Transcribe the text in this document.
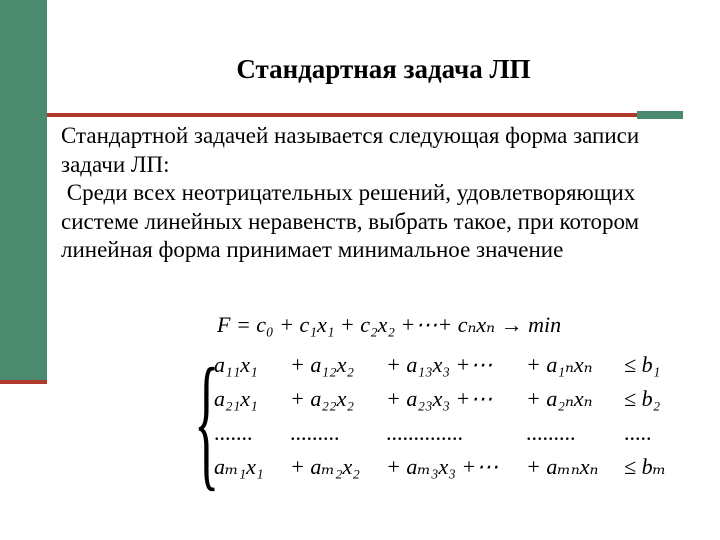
Стандартная задача ЛП

Стандартной задачей называется следующая форма записи задачи ЛП:

Среди всех неотрицательных решений, удовлетворяющих системе линейных неравенств, выбрать такое, при котором линейная форма принимает минимальное значение

F = c₀ + c₁x₁ + c₂x₂ +⋯+ cₙxₙ → min
{
a₁₁x₁ + a₁₂x₂ + a₁₃x₃ +⋯ + a₁ₙxₙ ≤ b₁
a₂₁x₁ + a₂₂x₂ + a₂₃x₃ +⋯ + a₂ₙxₙ ≤ b₂
....... ......... ..............	......... .....
aₘ₁x₁ + aₘ₂x₂ + aₘ₃x₃ +⋯ + aₘₙxₙ ≤ bₘ
